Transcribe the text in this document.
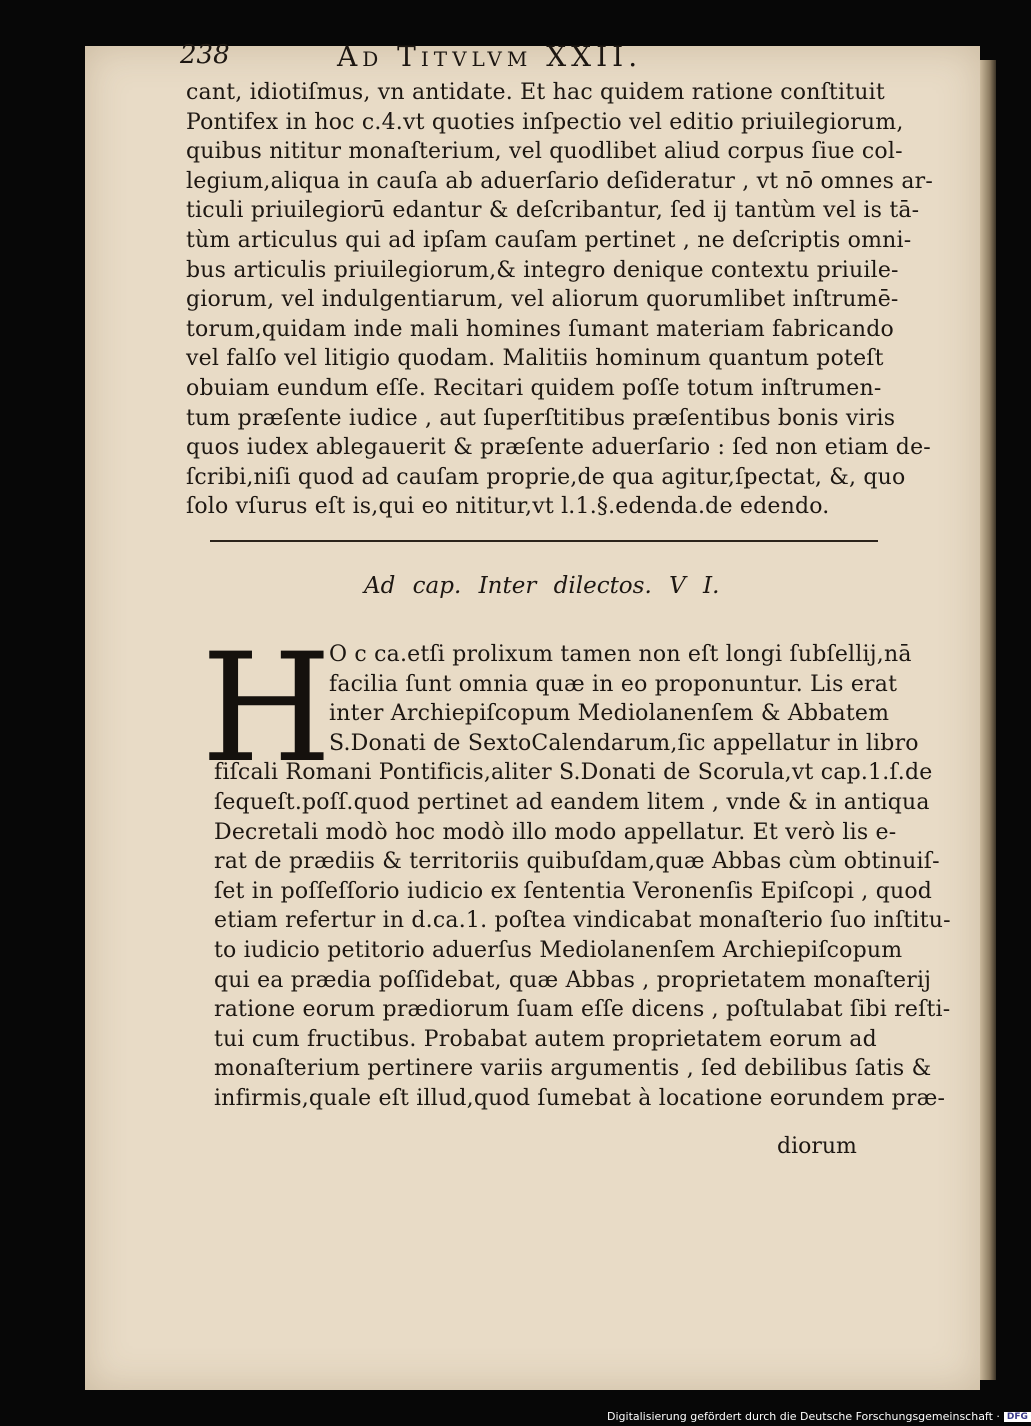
238	Ad Titvlvm XXII.
cant, idiotiſmus, vn antidate. Et hac quidem ratione conſtituit
Pontifex in hoc c.4.vt quoties inſpectio vel editio priuilegiorum,
quibus nititur monaſterium, vel quodlibet aliud corpus ſiue col-
legium,aliqua in cauſa ab aduerſario deſideratur , vt nō omnes ar-
ticuli priuilegiorū edantur & deſcribantur, ſed ij tantùm vel is tā-
tùm articulus qui ad ipſam cauſam pertinet , ne deſcriptis omni-
bus articulis priuilegiorum,& integro denique contextu priuile-
giorum, vel indulgentiarum, vel aliorum quorumlibet inſtrumē-
torum,quidam inde mali homines ſumant materiam fabricando
vel falſo vel litigio quodam. Malitiis hominum quantum poteſt
obuiam eundum eſſe. Recitari quidem poſſe totum inſtrumen-
tum præſente iudice , aut ſuperſtitibus præſentibus bonis viris
quos iudex ablegauerit & præſente aduerſario : ſed non etiam de-
ſcribi,niſi quod ad cauſam proprie,de qua agitur,ſpectat, &, quo
ſolo vſurus eſt is,qui eo nititur,vt l.1.§.edenda.de edendo.
Ad cap. Inter dilectos. V I.
H
O c ca.etſi prolixum tamen non eſt longi ſubſellij,nā
facilia ſunt omnia quæ in eo proponuntur. Lis erat
inter Archiepiſcopum Mediolanenſem & Abbatem
S.Donati de SextoCalendarum,ſic appellatur in libro
fiſcali Romani Pontificis,aliter S.Donati de Scorula,vt cap.1.ſ.de
ſequeſt.poſſ.quod pertinet ad eandem litem , vnde & in antiqua
Decretali modò hoc modò illo modo appellatur. Et verò lis e-
rat de prædiis & territoriis quibuſdam,quæ Abbas cùm obtinuiſ-
ſet in poſſeſſorio iudicio ex ſententia Veronenſis Epiſcopi , quod
etiam refertur in d.ca.1. poſtea vindicabat monaſterio ſuo inſtitu-
to iudicio petitorio aduerſus Mediolanenſem Archiepiſcopum
qui ea prædia poſſidebat, quæ Abbas , proprietatem monaſterij
ratione eorum prædiorum ſuam eſſe dicens , poſtulabat ſibi reſti-
tui cum fructibus. Probabat autem proprietatem eorum ad
monaſterium pertinere variis argumentis , ſed debilibus ſatis &
infirmis,quale eſt illud,quod ſumebat à locatione eorundem præ-
diorum
Digitalisierung gefördert durch die Deutsche Forschungsgemeinschaft · DFG
